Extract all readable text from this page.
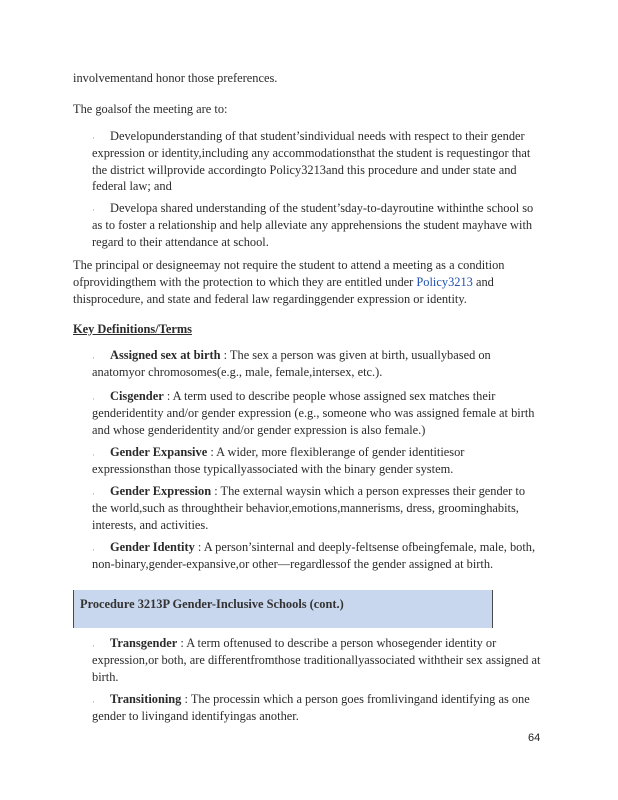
involvementand honor those preferences.
The goalsof the meeting are to:
·	Developunderstanding of that student’sindividual needs with respect to their gender expression or identity,including any accommodationsthat the student is requestingor that the district willprovide accordingto Policy3213and this procedure and under state and federal law; and
·	Developa shared understanding of the student’sday-to-dayroutine withinthe school so as to foster a relationship and help alleviate any apprehensions the student mayhave with regard to their attendance at school.
The principal or designeemay not require the student to attend a meeting as a condition ofprovidingthem with the protection to which they are entitled under Policy3213 and thisprocedure, and state and federal law regardinggender expression or identity.
Key Definitions/Terms
·	Assigned sex at birth : The sex a person was given at birth, usuallybased on anatomyor chromosomes(e.g., male, female,intersex, etc.).
·	Cisgender : A term used to describe people whose assigned sex matches their genderidentity and/or gender expression (e.g., someone who was assigned female at birth and whose genderidentity and/or gender expression is also female.)
·	Gender Expansive : A wider, more flexiblerange of gender identitiesor expressionsthan those typicallyassociated with the binary gender system.
·	Gender Expression : The external waysin which a person expresses their gender to the world,such as throughtheir behavior,emotions,mannerisms, dress, groominghabits, interests, and activities.
·	Gender Identity : A person’sinternal and deeply-feltsense ofbeingfemale, male, both, non-binary,gender-expansive,or other—regardlessof the gender assigned at birth.
Procedure 3213P Gender-Inclusive Schools (cont.)
·	Transgender : A term oftenused to describe a person whosegender identity or expression,or both, are differentfromthose traditionallyassociated withtheir sex assigned at birth.
·	Transitioning : The processin which a person goes fromlivingand identifying as one gender to livingand identifyingas another.
64
